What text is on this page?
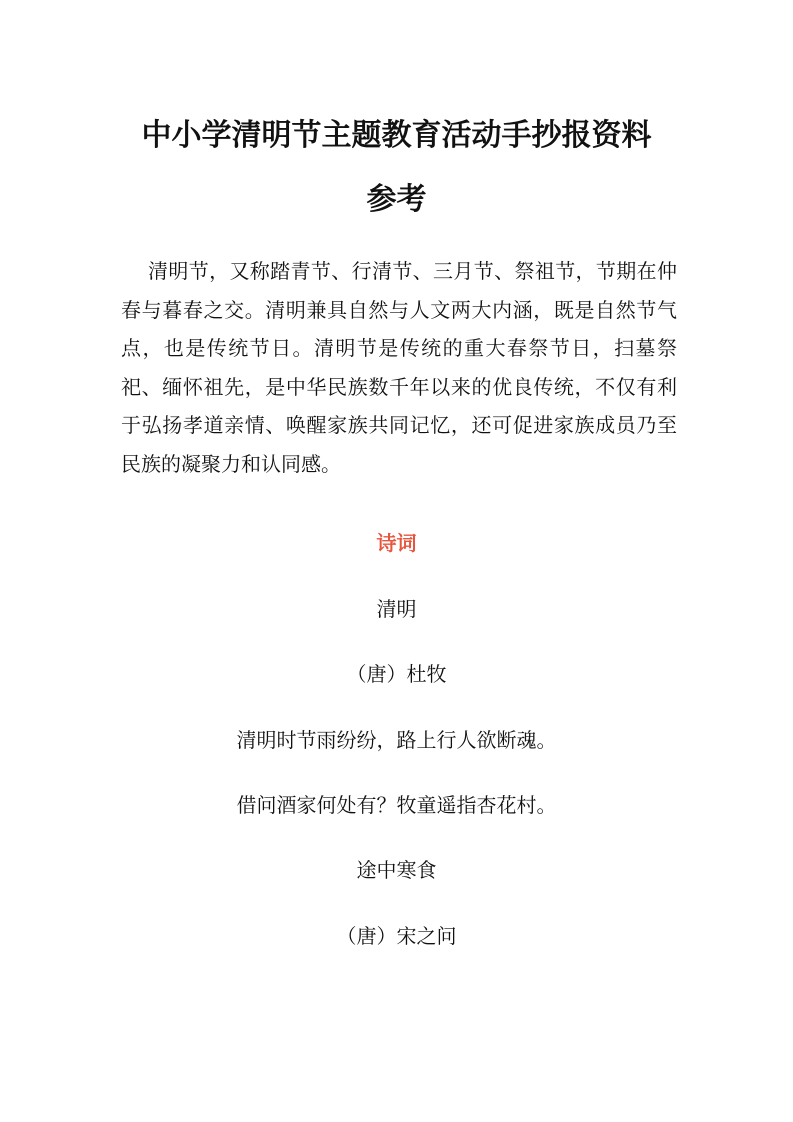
中小学清明节主题教育活动手抄报资料
参考

清明节，又称踏青节、行清节、三月节、祭祖节，节期在仲春与暮春之交。清明兼具自然与人文两大内涵，既是自然节气点，也是传统节日。清明节是传统的重大春祭节日，扫墓祭祀、缅怀祖先，是中华民族数千年以来的优良传统，不仅有利于弘扬孝道亲情、唤醒家族共同记忆，还可促进家族成员乃至民族的凝聚力和认同感。

诗词

清明

（唐）杜牧

清明时节雨纷纷，路上行人欲断魂。

借问酒家何处有？牧童遥指杏花村。

途中寒食

（唐）宋之问
